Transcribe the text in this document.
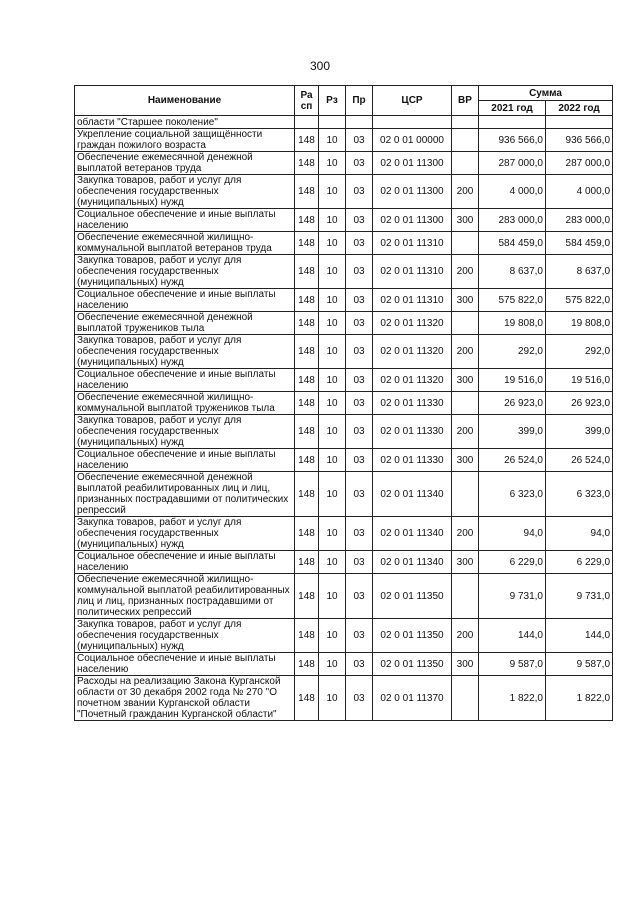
300
Наименование	Ра сп	Рз	Пр	ЦСР	ВР	Сумма	
						2021 год	2022 год
области "Старшее поколение"							
Укрепление социальной защищённости граждан пожилого возраста	148	10	03	02 0 01 00000		936 566,0	936 566,0
Обеспечение ежемесячной денежной выплатой ветеранов труда	148	10	03	02 0 01 11300		287 000,0	287 000,0
Закупка товаров, работ и услуг для обеспечения государственных (муниципальных) нужд	148	10	03	02 0 01 11300	200	4 000,0	4 000,0
Социальное обеспечение и иные выплаты населению	148	10	03	02 0 01 11300	300	283 000,0	283 000,0
Обеспечение ежемесячной жилищно-коммунальной выплатой ветеранов труда	148	10	03	02 0 01 11310		584 459,0	584 459,0
Закупка товаров, работ и услуг для обеспечения государственных (муниципальных) нужд	148	10	03	02 0 01 11310	200	8 637,0	8 637,0
Социальное обеспечение и иные выплаты населению	148	10	03	02 0 01 11310	300	575 822,0	575 822,0
Обеспечение ежемесячной денежной выплатой тружеников тыла	148	10	03	02 0 01 11320		19 808,0	19 808,0
Закупка товаров, работ и услуг для обеспечения государственных (муниципальных) нужд	148	10	03	02 0 01 11320	200	292,0	292,0
Социальное обеспечение и иные выплаты населению	148	10	03	02 0 01 11320	300	19 516,0	19 516,0
Обеспечение ежемесячной жилищно-коммунальной выплатой тружеников тыла	148	10	03	02 0 01 11330		26 923,0	26 923,0
Закупка товаров, работ и услуг для обеспечения государственных (муниципальных) нужд	148	10	03	02 0 01 11330	200	399,0	399,0
Социальное обеспечение и иные выплаты населению	148	10	03	02 0 01 11330	300	26 524,0	26 524,0
Обеспечение ежемесячной денежной выплатой реабилитированных лиц и лиц, признанных пострадавшими от политических репрессий	148	10	03	02 0 01 11340		6 323,0	6 323,0
Закупка товаров, работ и услуг для обеспечения государственных (муниципальных) нужд	148	10	03	02 0 01 11340	200	94,0	94,0
Социальное обеспечение и иные выплаты населению	148	10	03	02 0 01 11340	300	6 229,0	6 229,0
Обеспечение ежемесячной жилищно-коммунальной выплатой реабилитированных лиц и лиц, признанных пострадавшими от политических репрессий	148	10	03	02 0 01 11350		9 731,0	9 731,0
Закупка товаров, работ и услуг для обеспечения государственных (муниципальных) нужд	148	10	03	02 0 01 11350	200	144,0	144,0
Социальное обеспечение и иные выплаты населению	148	10	03	02 0 01 11350	300	9 587,0	9 587,0
Расходы на реализацию Закона Курганской области от 30 декабря 2002 года № 270 "О почетном звании Курганской области "Почетный гражданин Курганской области"	148	10	03	02 0 01 11370		1 822,0	1 822,0
